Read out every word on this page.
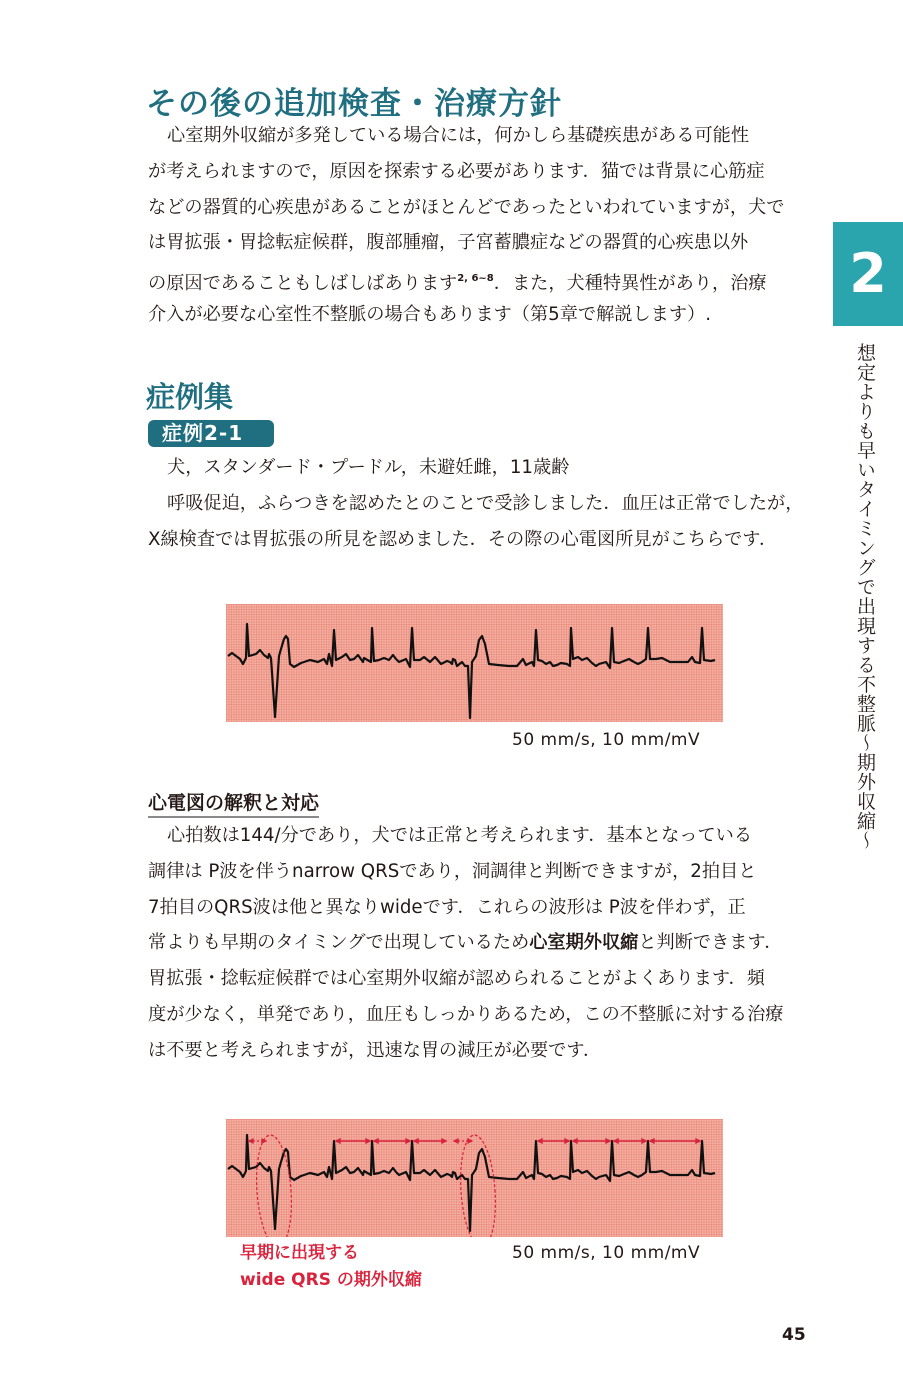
その後の追加検査・治療方針
心室期外収縮が多発している場合には，何かしら基礎疾患がある可能性
が考えられますので，原因を探索する必要があります．猫では背景に心筋症
などの器質的心疾患があることがほとんどであったといわれていますが，犬で
は胃拡張・胃捻転症候群，腹部腫瘤，子宮蓄膿症などの器質的心疾患以外
の原因であることもしばしばあります$^{2, 6\sim 8}$．また，犬種特異性があり，治療
介入が必要な心室性不整脈の場合もあります（第5章で解説します）.
症例集
症例2-1
犬，スタンダード・プードル，未避妊雌，11歳齢
呼吸促迫，ふらつきを認めたとのことで受診しました．血圧は正常でしたが，
X線検査では胃拡張の所見を認めました．その際の心電図所見がこちらです．
50 mm/s, 10 mm/mV
心電図の解釈と対応
心拍数は144/分であり，犬では正常と考えられます．基本となっている
調律は P波を伴うnarrow QRSであり，洞調律と判断できますが，2拍目と
7拍目のQRS波は他と異なりwideです．これらの波形は P波を伴わず，正
常よりも早期のタイミングで出現しているため心室期外収縮と判断できます．
胃拡張・捻転症候群では心室期外収縮が認められることがよくあります．頻
度が少なく，単発であり，血圧もしっかりあるため，この不整脈に対する治療
は不要と考えられますが，迅速な胃の減圧が必要です．
50 mm/s, 10 mm/mV
早期に出現する
wide QRS の期外収縮
2
想定よりも早いタイミングで出現する不整脈〜期外収縮〜
45
